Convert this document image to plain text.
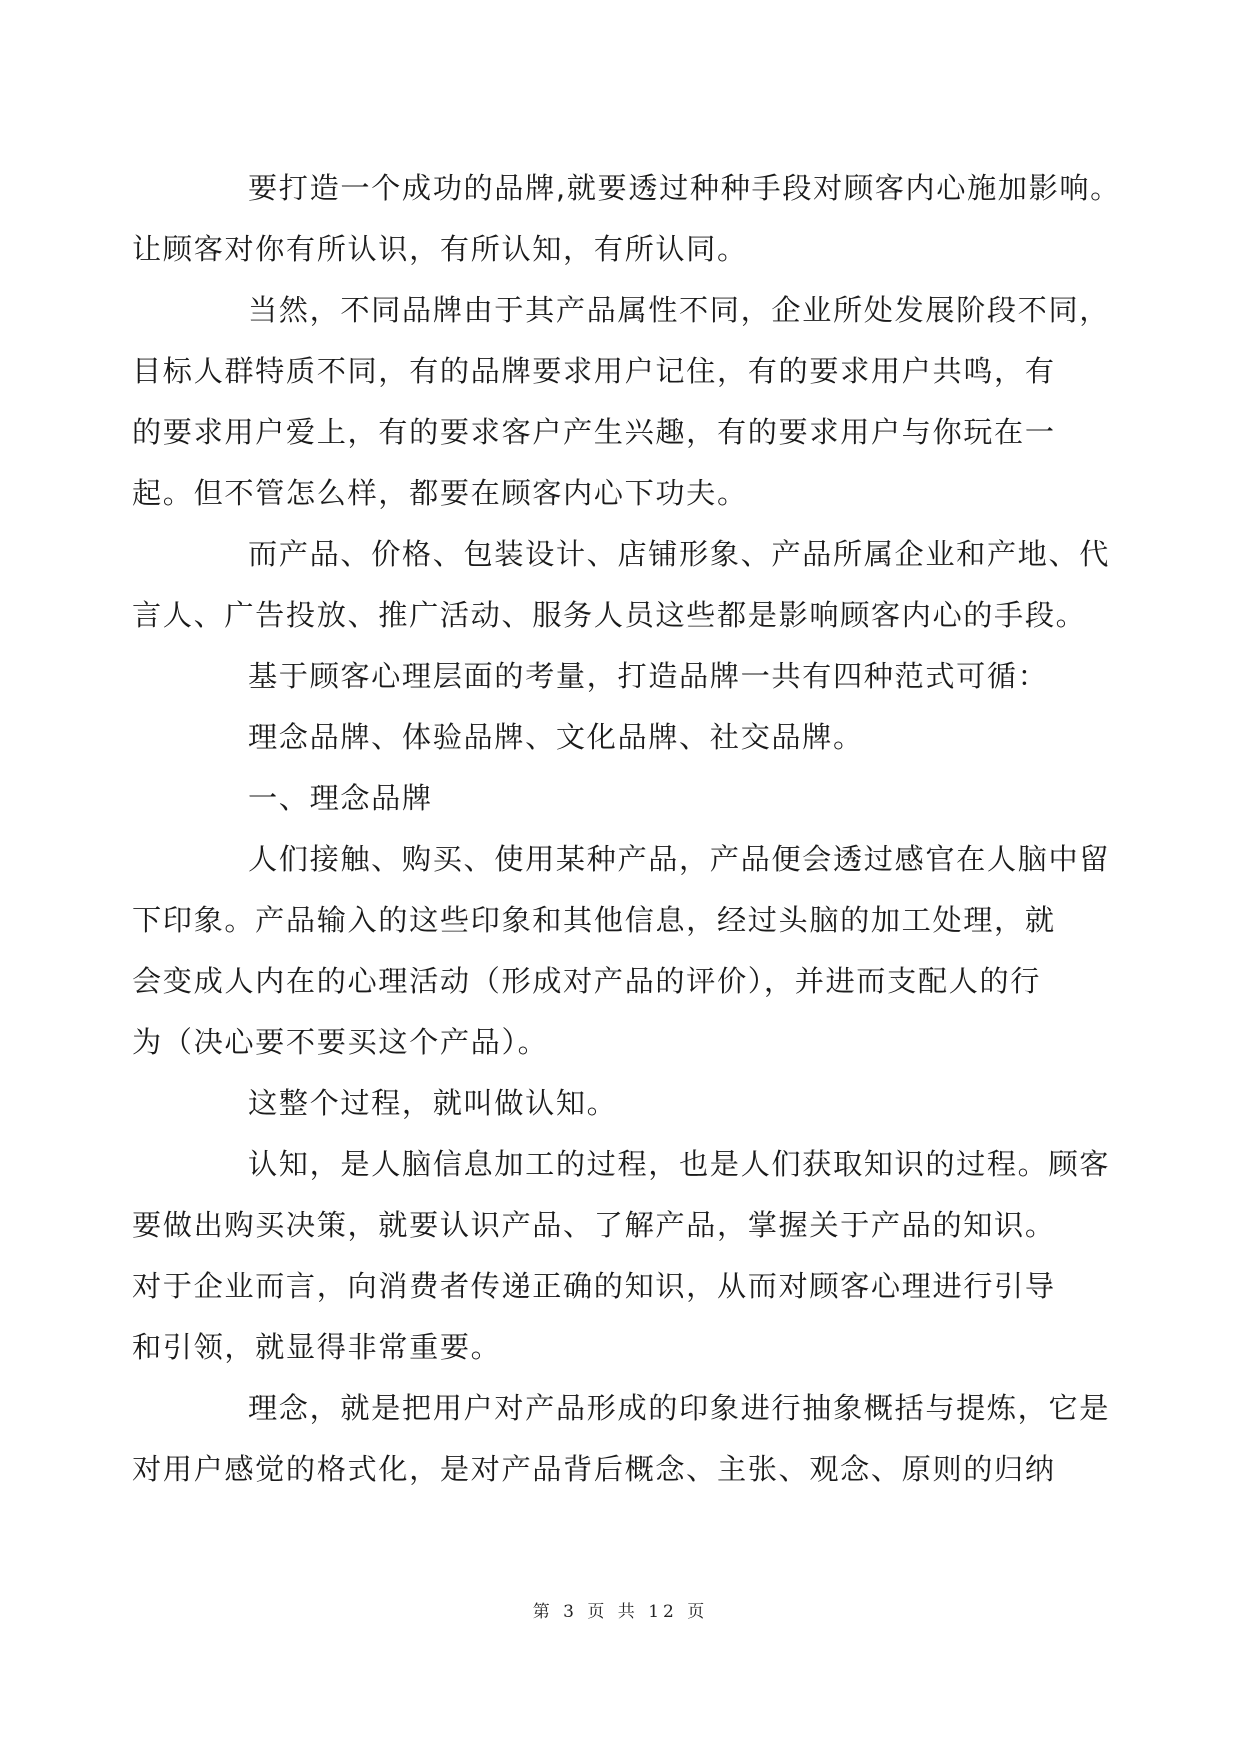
要打造一个成功的品牌,就要透过种种手段对顾客内心施加影响。
让顾客对你有所认识，有所认知，有所认同。

当然，不同品牌由于其产品属性不同，企业所处发展阶段不同，
目标人群特质不同，有的品牌要求用户记住，有的要求用户共鸣，有
的要求用户爱上，有的要求客户产生兴趣，有的要求用户与你玩在一
起。但不管怎么样，都要在顾客内心下功夫。

而产品、价格、包装设计、店铺形象、产品所属企业和产地、代
言人、广告投放、推广活动、服务人员这些都是影响顾客内心的手段。

基于顾客心理层面的考量，打造品牌一共有四种范式可循：

理念品牌、体验品牌、文化品牌、社交品牌。

一、理念品牌

人们接触、购买、使用某种产品，产品便会透过感官在人脑中留
下印象。产品输入的这些印象和其他信息，经过头脑的加工处理，就
会变成人内在的心理活动（形成对产品的评价），并进而支配人的行
为（决心要不要买这个产品）。

这整个过程，就叫做认知。

认知，是人脑信息加工的过程，也是人们获取知识的过程。顾客
要做出购买决策，就要认识产品、了解产品，掌握关于产品的知识。
对于企业而言，向消费者传递正确的知识，从而对顾客心理进行引导
和引领，就显得非常重要。

理念，就是把用户对产品形成的印象进行抽象概括与提炼，它是
对用户感觉的格式化，是对产品背后概念、主张、观念、原则的归纳

第 3 页 共 12 页
